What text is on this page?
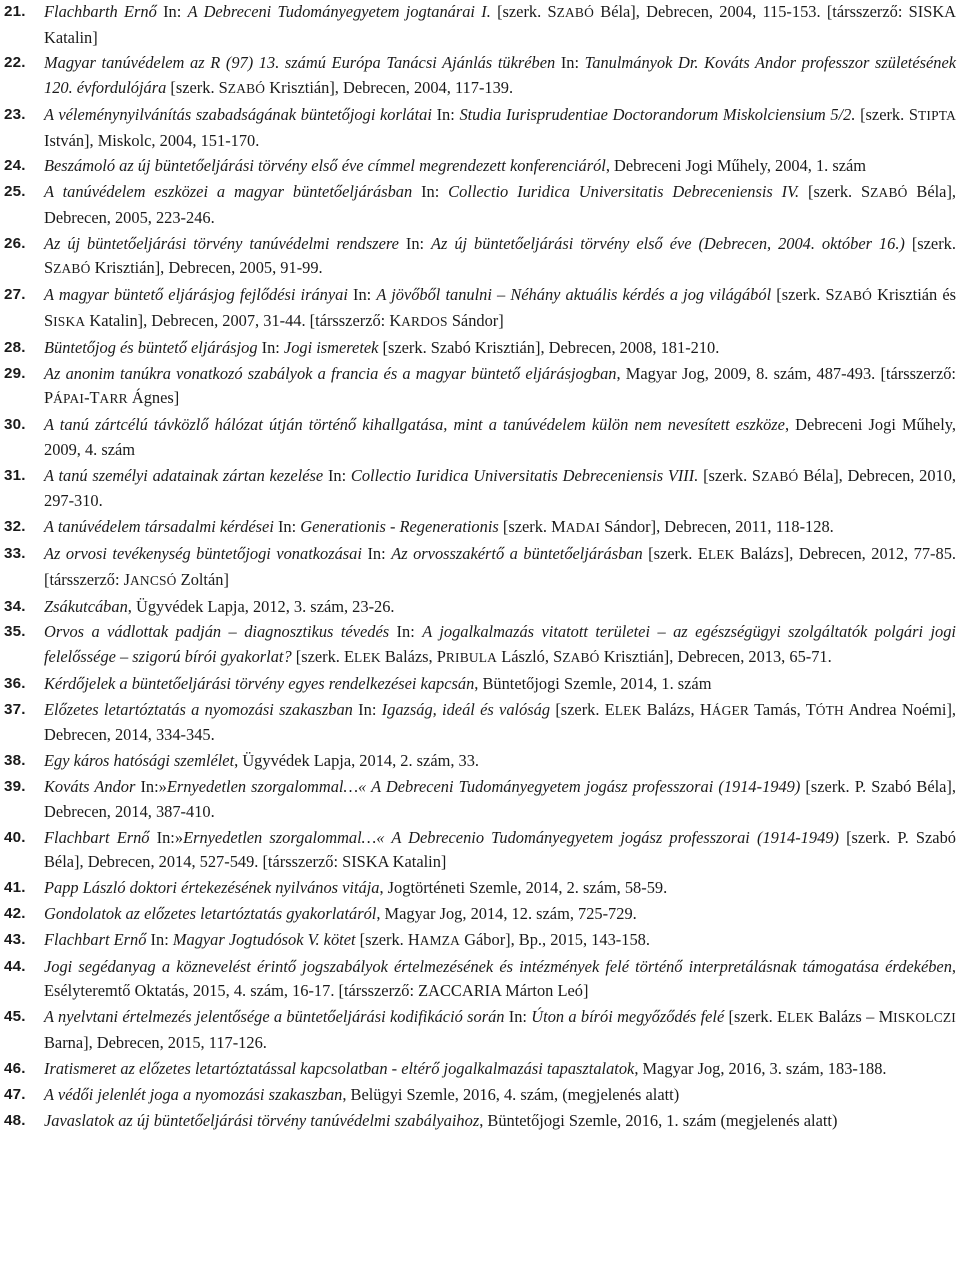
21. Flachbarth Ernő In: A Debreceni Tudományegyetem jogtanárai I. [szerk. SZABÓ Béla], Debrecen, 2004, 115-153. [társszerző: SISKA Katalin]
22. Magyar tanúvédelem az R (97) 13. számú Európa Tanácsi Ajánlás tükrében In: Tanulmányok Dr. Kováts Andor professzor születésének 120. évfordulójára [szerk. SZABÓ Krisztián], Debrecen, 2004, 117-139.
23. A véleménynyilvánítás szabadságának büntetőjogi korlátai In: Studia Iurisprudentiae Doctorandorum Miskolciensium 5/2. [szerk. STIPTA István], Miskolc, 2004, 151-170.
24. Beszámoló az új büntetőeljárási törvény első éve címmel megrendezett konferenciáról, Debreceni Jogi Műhely, 2004, 1. szám
25. A tanúvédelem eszközei a magyar büntetőeljárásban In: Collectio Iuridica Universitatis Debreceniensis IV. [szerk. SZABÓ Béla], Debrecen, 2005, 223-246.
26. Az új büntetőeljárási törvény tanúvédelmi rendszere In: Az új büntetőeljárási törvény első éve (Debrecen, 2004. október 16.) [szerk. SZABÓ Krisztián], Debrecen, 2005, 91-99.
27. A magyar büntető eljárásjog fejlődési irányai In: A jövőből tanulni – Néhány aktuális kérdés a jog világából [szerk. SZABÓ Krisztián és SISKA Katalin], Debrecen, 2007, 31-44. [társszerző: KARDOS Sándor]
28. Büntetőjog és büntető eljárásjog In: Jogi ismeretek [szerk. Szabó Krisztián], Debrecen, 2008, 181-210.
29. Az anonim tanúkra vonatkozó szabályok a francia és a magyar büntető eljárásjogban, Magyar Jog, 2009, 8. szám, 487-493. [társszerző: PÁPAI-TARR Ágnes]
30. A tanú zártcélú távközlő hálózat útján történő kihallgatása, mint a tanúvédelem külön nem nevesített eszköze, Debreceni Jogi Műhely, 2009, 4. szám
31. A tanú személyi adatainak zártan kezelése In: Collectio Iuridica Universitatis Debreceniensis VIII. [szerk. SZABÓ Béla], Debrecen, 2010, 297-310.
32. A tanúvédelem társadalmi kérdései In: Generationis - Regenerationis [szerk. MADAI Sándor], Debrecen, 2011, 118-128.
33. Az orvosi tevékenység büntetőjogi vonatkozásai In: Az orvosszakértő a büntetőeljárásban [szerk. ELEK Balázs], Debrecen, 2012, 77-85. [társszerző: JANCSÓ Zoltán]
34. Zsákutcában, Ügyvédek Lapja, 2012, 3. szám, 23-26.
35. Orvos a vádlottak padján – diagnosztikus tévedés In: A jogalkalmazás vitatott területei – az egészségügyi szolgáltatók polgári jogi felelőssége – szigorú bírói gyakorlat? [szerk. ELEK Balázs, PRIBULA László, SZABÓ Krisztián], Debrecen, 2013, 65-71.
36. Kérdőjelek a büntetőeljárási törvény egyes rendelkezései kapcsán, Büntetőjogi Szemle, 2014, 1. szám
37. Előzetes letartóztatás a nyomozási szakaszban In: Igazság, ideál és valóság [szerk. ELEK Balázs, HÁGER Tamás, TÓTH Andrea Noémi], Debrecen, 2014, 334-345.
38. Egy káros hatósági szemlélet, Ügyvédek Lapja, 2014, 2. szám, 33.
39. Kováts Andor In:»Ernyedetlen szorgalommal…« A Debreceni Tudományegyetem jogász professzorai (1914-1949) [szerk. P. Szabó Béla], Debrecen, 2014, 387-410.
40. Flachbart Ernő In:»Ernyedetlen szorgalommal…« A Debrecenio Tudományegyetem jogász professzorai (1914-1949) [szerk. P. Szabó Béla], Debrecen, 2014, 527-549. [társszerző: SISKA Katalin]
41. Papp László doktori értekezésének nyilvános vitája, Jogtörténeti Szemle, 2014, 2. szám, 58-59.
42. Gondolatok az előzetes letartóztatás gyakorlatáról, Magyar Jog, 2014, 12. szám, 725-729.
43. Flachbart Ernő In: Magyar Jogtudósok V. kötet [szerk. HAMZA Gábor], Bp., 2015, 143-158.
44. Jogi segédanyag a köznevelést érintő jogszabályok értelmezésének és intézmények felé történő interpretálásnak támogatása érdekében, Esélyteremtő Oktatás, 2015, 4. szám, 16-17. [társszerző: ZACCARIA Márton Leó]
45. A nyelvtani értelmezés jelentősége a büntetőeljárási kodifikáció során In: Úton a bírói megyőződés felé [szerk. ELEK Balázs – MISKOLCZI Barna], Debrecen, 2015, 117-126.
46. Iratismeret az előzetes letartóztatással kapcsolatban - eltérő jogalkalmazási tapasztalatok, Magyar Jog, 2016, 3. szám, 183-188.
47. A védői jelenlét joga a nyomozási szakaszban, Belügyi Szemle, 2016, 4. szám, (megjelenés alatt)
48. Javaslatok az új büntetőeljárási törvény tanúvédelmi szabályaihoz, Büntetőjogi Szemle, 2016, 1. szám (megjelenés alatt)
